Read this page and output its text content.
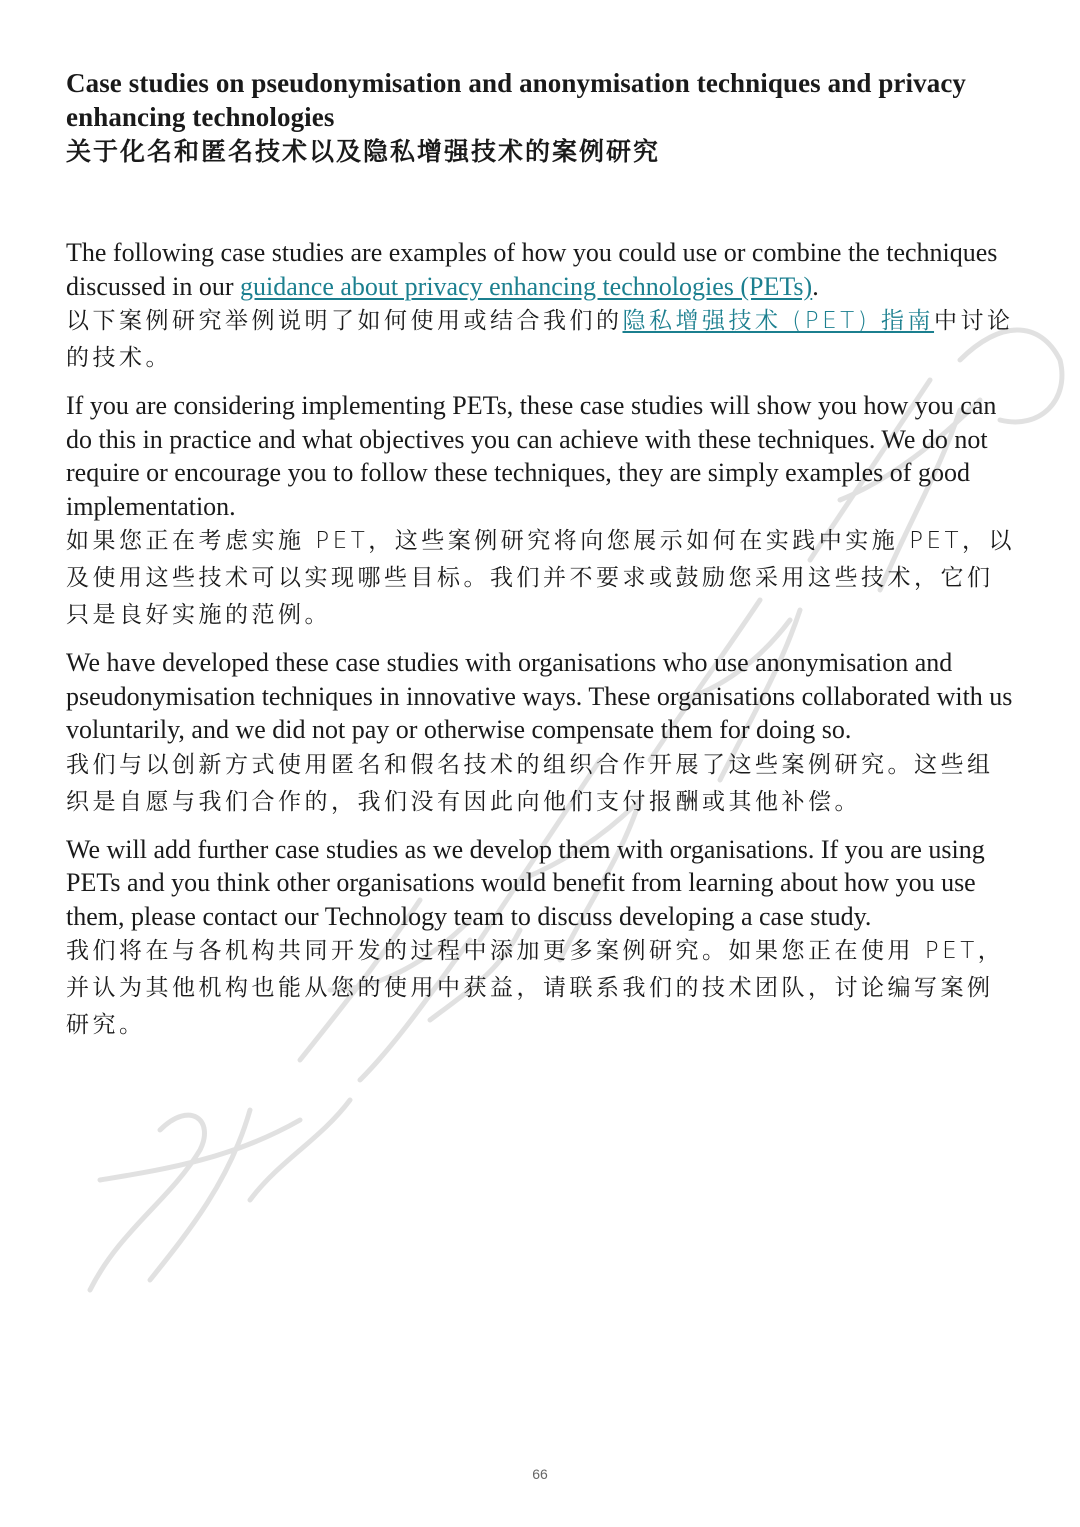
Case studies on pseudonymisation and anonymisation techniques and privacy enhancing technologies
关于化名和匿名技术以及隐私增强技术的案例研究

The following case studies are examples of how you could use or combine the techniques discussed in our guidance about privacy enhancing technologies (PETs).

以下案例研究举例说明了如何使用或结合我们的隐私增强技术 (PET) 指南中讨论的技术。

If you are considering implementing PETs, these case studies will show you how you can do this in practice and what objectives you can achieve with these techniques. We do not require or encourage you to follow these techniques, they are simply examples of good implementation.

如果您正在考虑实施 PET，这些案例研究将向您展示如何在实践中实施 PET，以及使用这些技术可以实现哪些目标。我们并不要求或鼓励您采用这些技术，它们只是良好实施的范例。

We have developed these case studies with organisations who use anonymisation and pseudonymisation techniques in innovative ways. These organisations collaborated with us voluntarily, and we did not pay or otherwise compensate them for doing so.

我们与以创新方式使用匿名和假名技术的组织合作开展了这些案例研究。这些组织是自愿与我们合作的，我们没有因此向他们支付报酬或其他补偿。

We will add further case studies as we develop them with organisations. If you are using PETs and you think other organisations would benefit from learning about how you use them, please contact our Technology team to discuss developing a case study.

我们将在与各机构共同开发的过程中添加更多案例研究。如果您正在使用 PET，并认为其他机构也能从您的使用中获益，请联系我们的技术团队，讨论编写案例研究。

66
